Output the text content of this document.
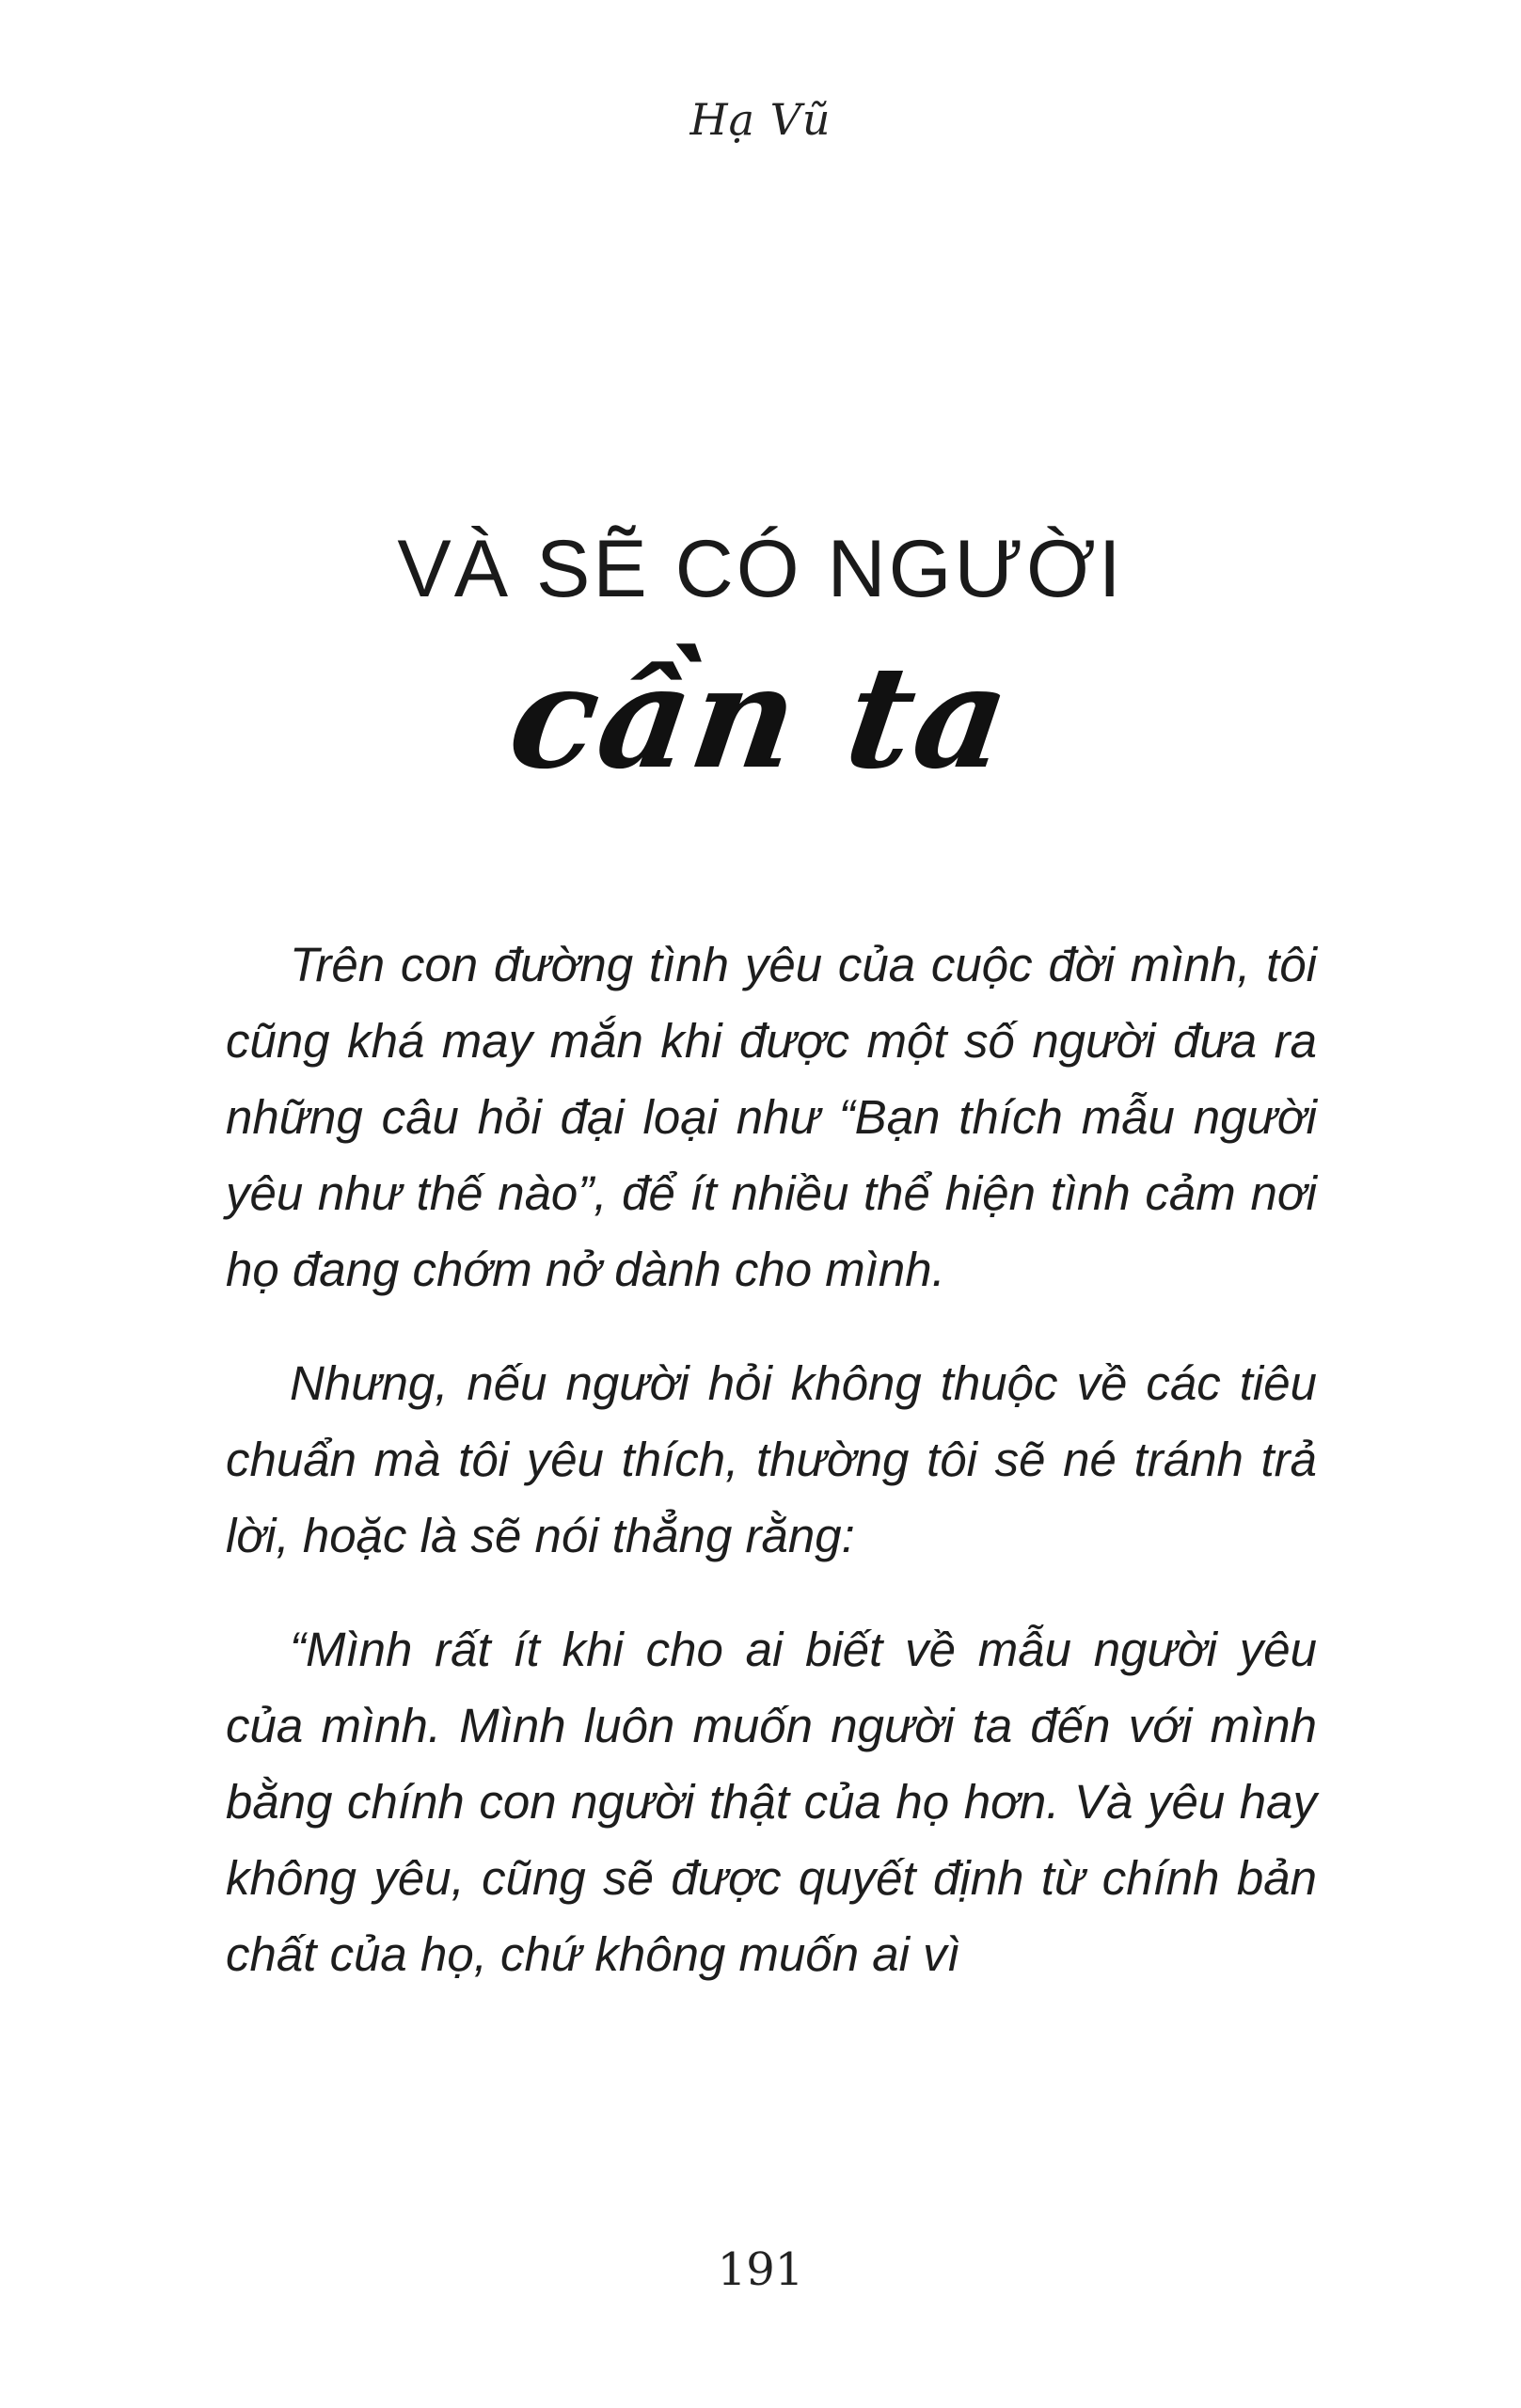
Hạ Vũ
VÀ SẼ CÓ NGƯỜI
cần ta

Trên con đường tình yêu của cuộc đời mình, tôi cũng khá may mắn khi được một số người đưa ra những câu hỏi đại loại như “Bạn thích mẫu người yêu như thế nào”, để ít nhiều thể hiện tình cảm nơi họ đang chớm nở dành cho mình.

Nhưng, nếu người hỏi không thuộc về các tiêu chuẩn mà tôi yêu thích, thường tôi sẽ né tránh trả lời, hoặc là sẽ nói thẳng rằng:

“Mình rất ít khi cho ai biết về mẫu người yêu của mình. Mình luôn muốn người ta đến với mình bằng chính con người thật của họ hơn. Và yêu hay không yêu, cũng sẽ được quyết định từ chính bản chất của họ, chứ không muốn ai vì

191
